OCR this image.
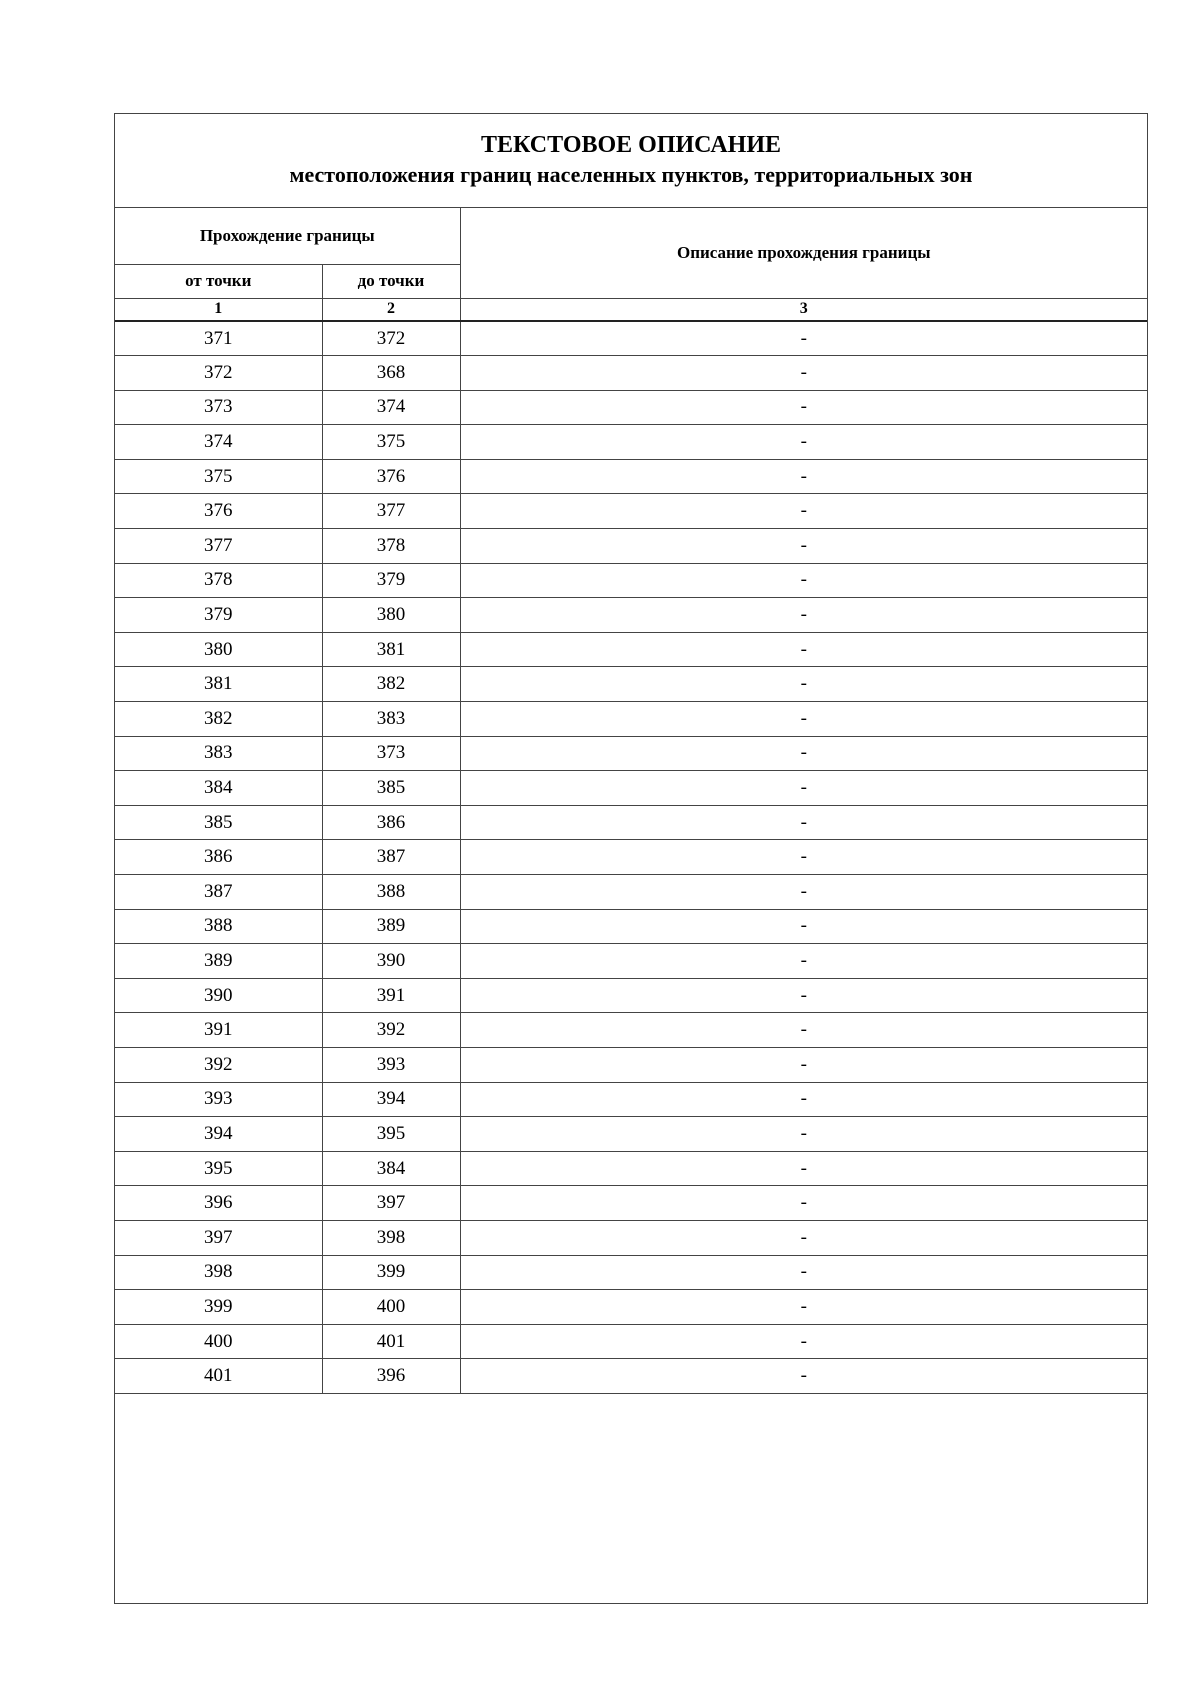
ТЕКСТОВОЕ ОПИСАНИЕ
местоположения границ населенных пунктов, территориальных зон
Прохождение границы		Описание прохождения границы
от точки	до точки	
1	2	3
371	372	-
372	368	-
373	374	-
374	375	-
375	376	-
376	377	-
377	378	-
378	379	-
379	380	-
380	381	-
381	382	-
382	383	-
383	373	-
384	385	-
385	386	-
386	387	-
387	388	-
388	389	-
389	390	-
390	391	-
391	392	-
392	393	-
393	394	-
394	395	-
395	384	-
396	397	-
397	398	-
398	399	-
399	400	-
400	401	-
401	396	-
